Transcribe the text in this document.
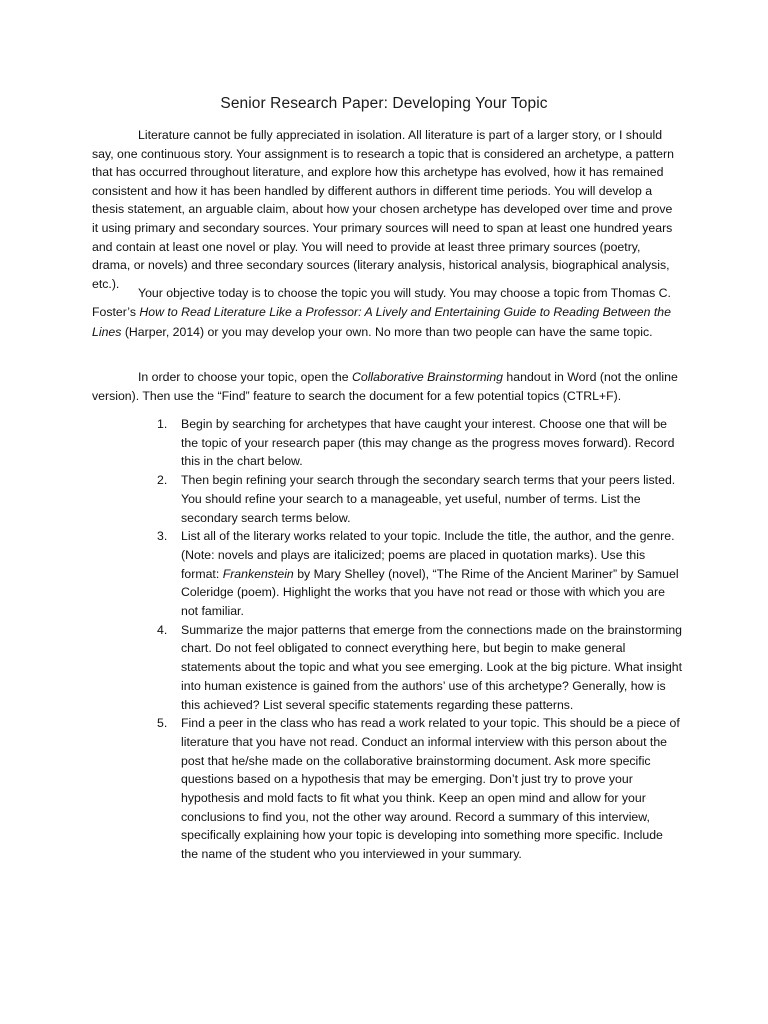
Senior Research Paper: Developing Your Topic
Literature cannot be fully appreciated in isolation. All literature is part of a larger story, or I should say, one continuous story. Your assignment is to research a topic that is considered an archetype, a pattern that has occurred throughout literature, and explore how this archetype has evolved, how it has remained consistent and how it has been handled by different authors in different time periods. You will develop a thesis statement, an arguable claim, about how your chosen archetype has developed over time and prove it using primary and secondary sources. Your primary sources will need to span at least one hundred years and contain at least one novel or play. You will need to provide at least three primary sources (poetry, drama, or novels) and three secondary sources (literary analysis, historical analysis, biographical analysis, etc.).
Your objective today is to choose the topic you will study. You may choose a topic from Thomas C. Foster’s How to Read Literature Like a Professor: A Lively and Entertaining Guide to Reading Between the Lines (Harper, 2014) or you may develop your own. No more than two people can have the same topic.
In order to choose your topic, open the Collaborative Brainstorming handout in Word (not the online version). Then use the “Find” feature to search the document for a few potential topics (CTRL+F).
1. Begin by searching for archetypes that have caught your interest. Choose one that will be the topic of your research paper (this may change as the progress moves forward). Record this in the chart below.
2. Then begin refining your search through the secondary search terms that your peers listed. You should refine your search to a manageable, yet useful, number of terms. List the secondary search terms below.
3. List all of the literary works related to your topic. Include the title, the author, and the genre. (Note: novels and plays are italicized; poems are placed in quotation marks). Use this format: Frankenstein by Mary Shelley (novel), “The Rime of the Ancient Mariner” by Samuel Coleridge (poem). Highlight the works that you have not read or those with which you are not familiar.
4. Summarize the major patterns that emerge from the connections made on the brainstorming chart. Do not feel obligated to connect everything here, but begin to make general statements about the topic and what you see emerging. Look at the big picture. What insight into human existence is gained from the authors’ use of this archetype? Generally, how is this achieved? List several specific statements regarding these patterns.
5. Find a peer in the class who has read a work related to your topic. This should be a piece of literature that you have not read. Conduct an informal interview with this person about the post that he/she made on the collaborative brainstorming document. Ask more specific questions based on a hypothesis that may be emerging. Don’t just try to prove your hypothesis and mold facts to fit what you think. Keep an open mind and allow for your conclusions to find you, not the other way around. Record a summary of this interview, specifically explaining how your topic is developing into something more specific. Include the name of the student who you interviewed in your summary.
